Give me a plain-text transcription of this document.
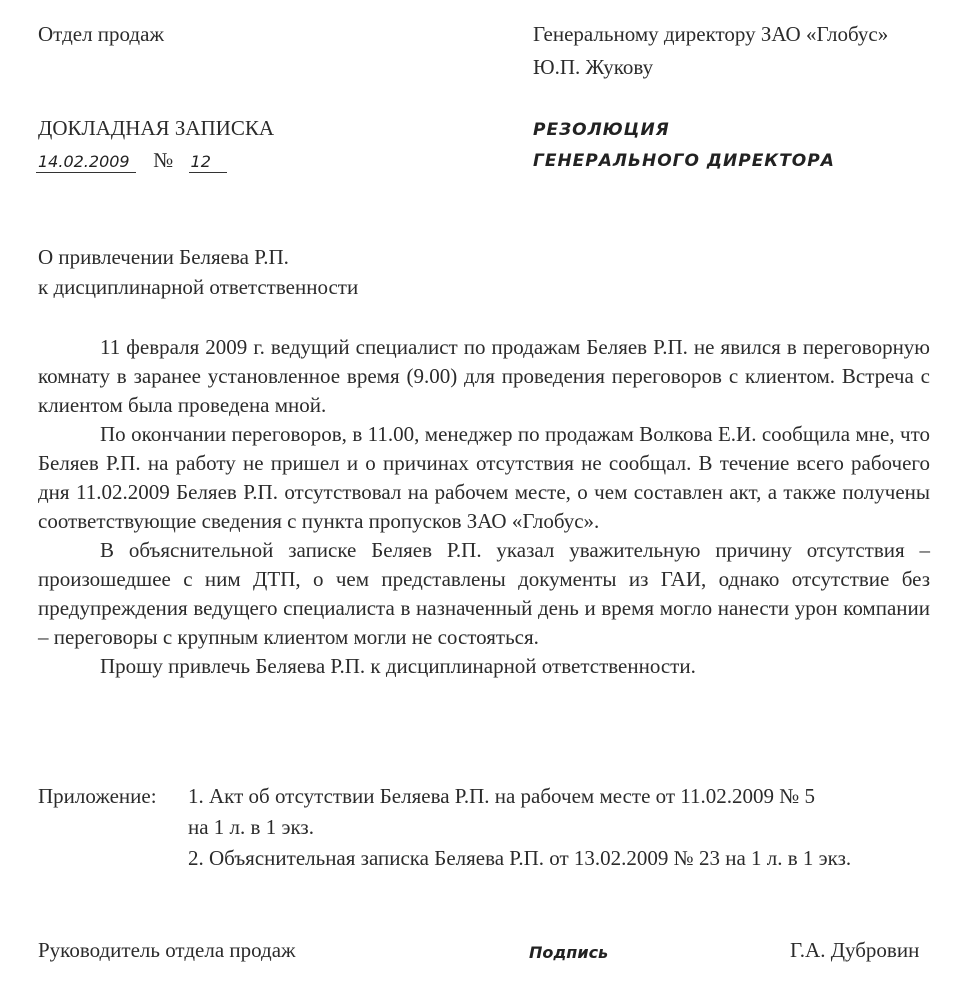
Отдел продаж	Генеральному директору ЗАО «Глобус»
Ю.П. Жукову
ДОКЛАДНАЯ ЗАПИСКА
14.02.2009 № 12
РЕЗОЛЮЦИЯ
ГЕНЕРАЛЬНОГО ДИРЕКТОРА
О привлечении Беляева Р.П.
к дисциплинарной ответственности

11 февраля 2009 г. ведущий специалист по продажам Беляев Р.П. не явился в переговорную комнату в заранее установленное время (9.00) для проведения переговоров с клиентом. Встреча с клиентом была проведена мной.

По окончании переговоров, в 11.00, менеджер по продажам Волкова Е.И. сообщила мне, что Беляев Р.П. на работу не пришел и о причинах отсутствия не сообщал. В течение всего рабочего дня 11.02.2009 Беляев Р.П. отсутствовал на рабочем месте, о чем составлен акт, а также получены соответствующие сведения с пункта пропусков ЗАО «Глобус».

В объяснительной записке Беляев Р.П. указал уважительную причину отсутствия – произошедшее с ним ДТП, о чем представлены документы из ГАИ, однако отсутствие без предупреждения ведущего специалиста в назначенный день и время могло нанести урон компании – переговоры с крупным клиентом могли не состояться.

Прошу привлечь Беляева Р.П. к дисциплинарной ответственности.

Приложение: 1. Акт об отсутствии Беляева Р.П. на рабочем месте от 11.02.2009 № 5
на 1 л. в 1 экз.
2. Объяснительная записка Беляева Р.П. от 13.02.2009 № 23 на 1 л. в 1 экз.
Руководитель отдела продаж	Подпись	Г.А. Дубровин
